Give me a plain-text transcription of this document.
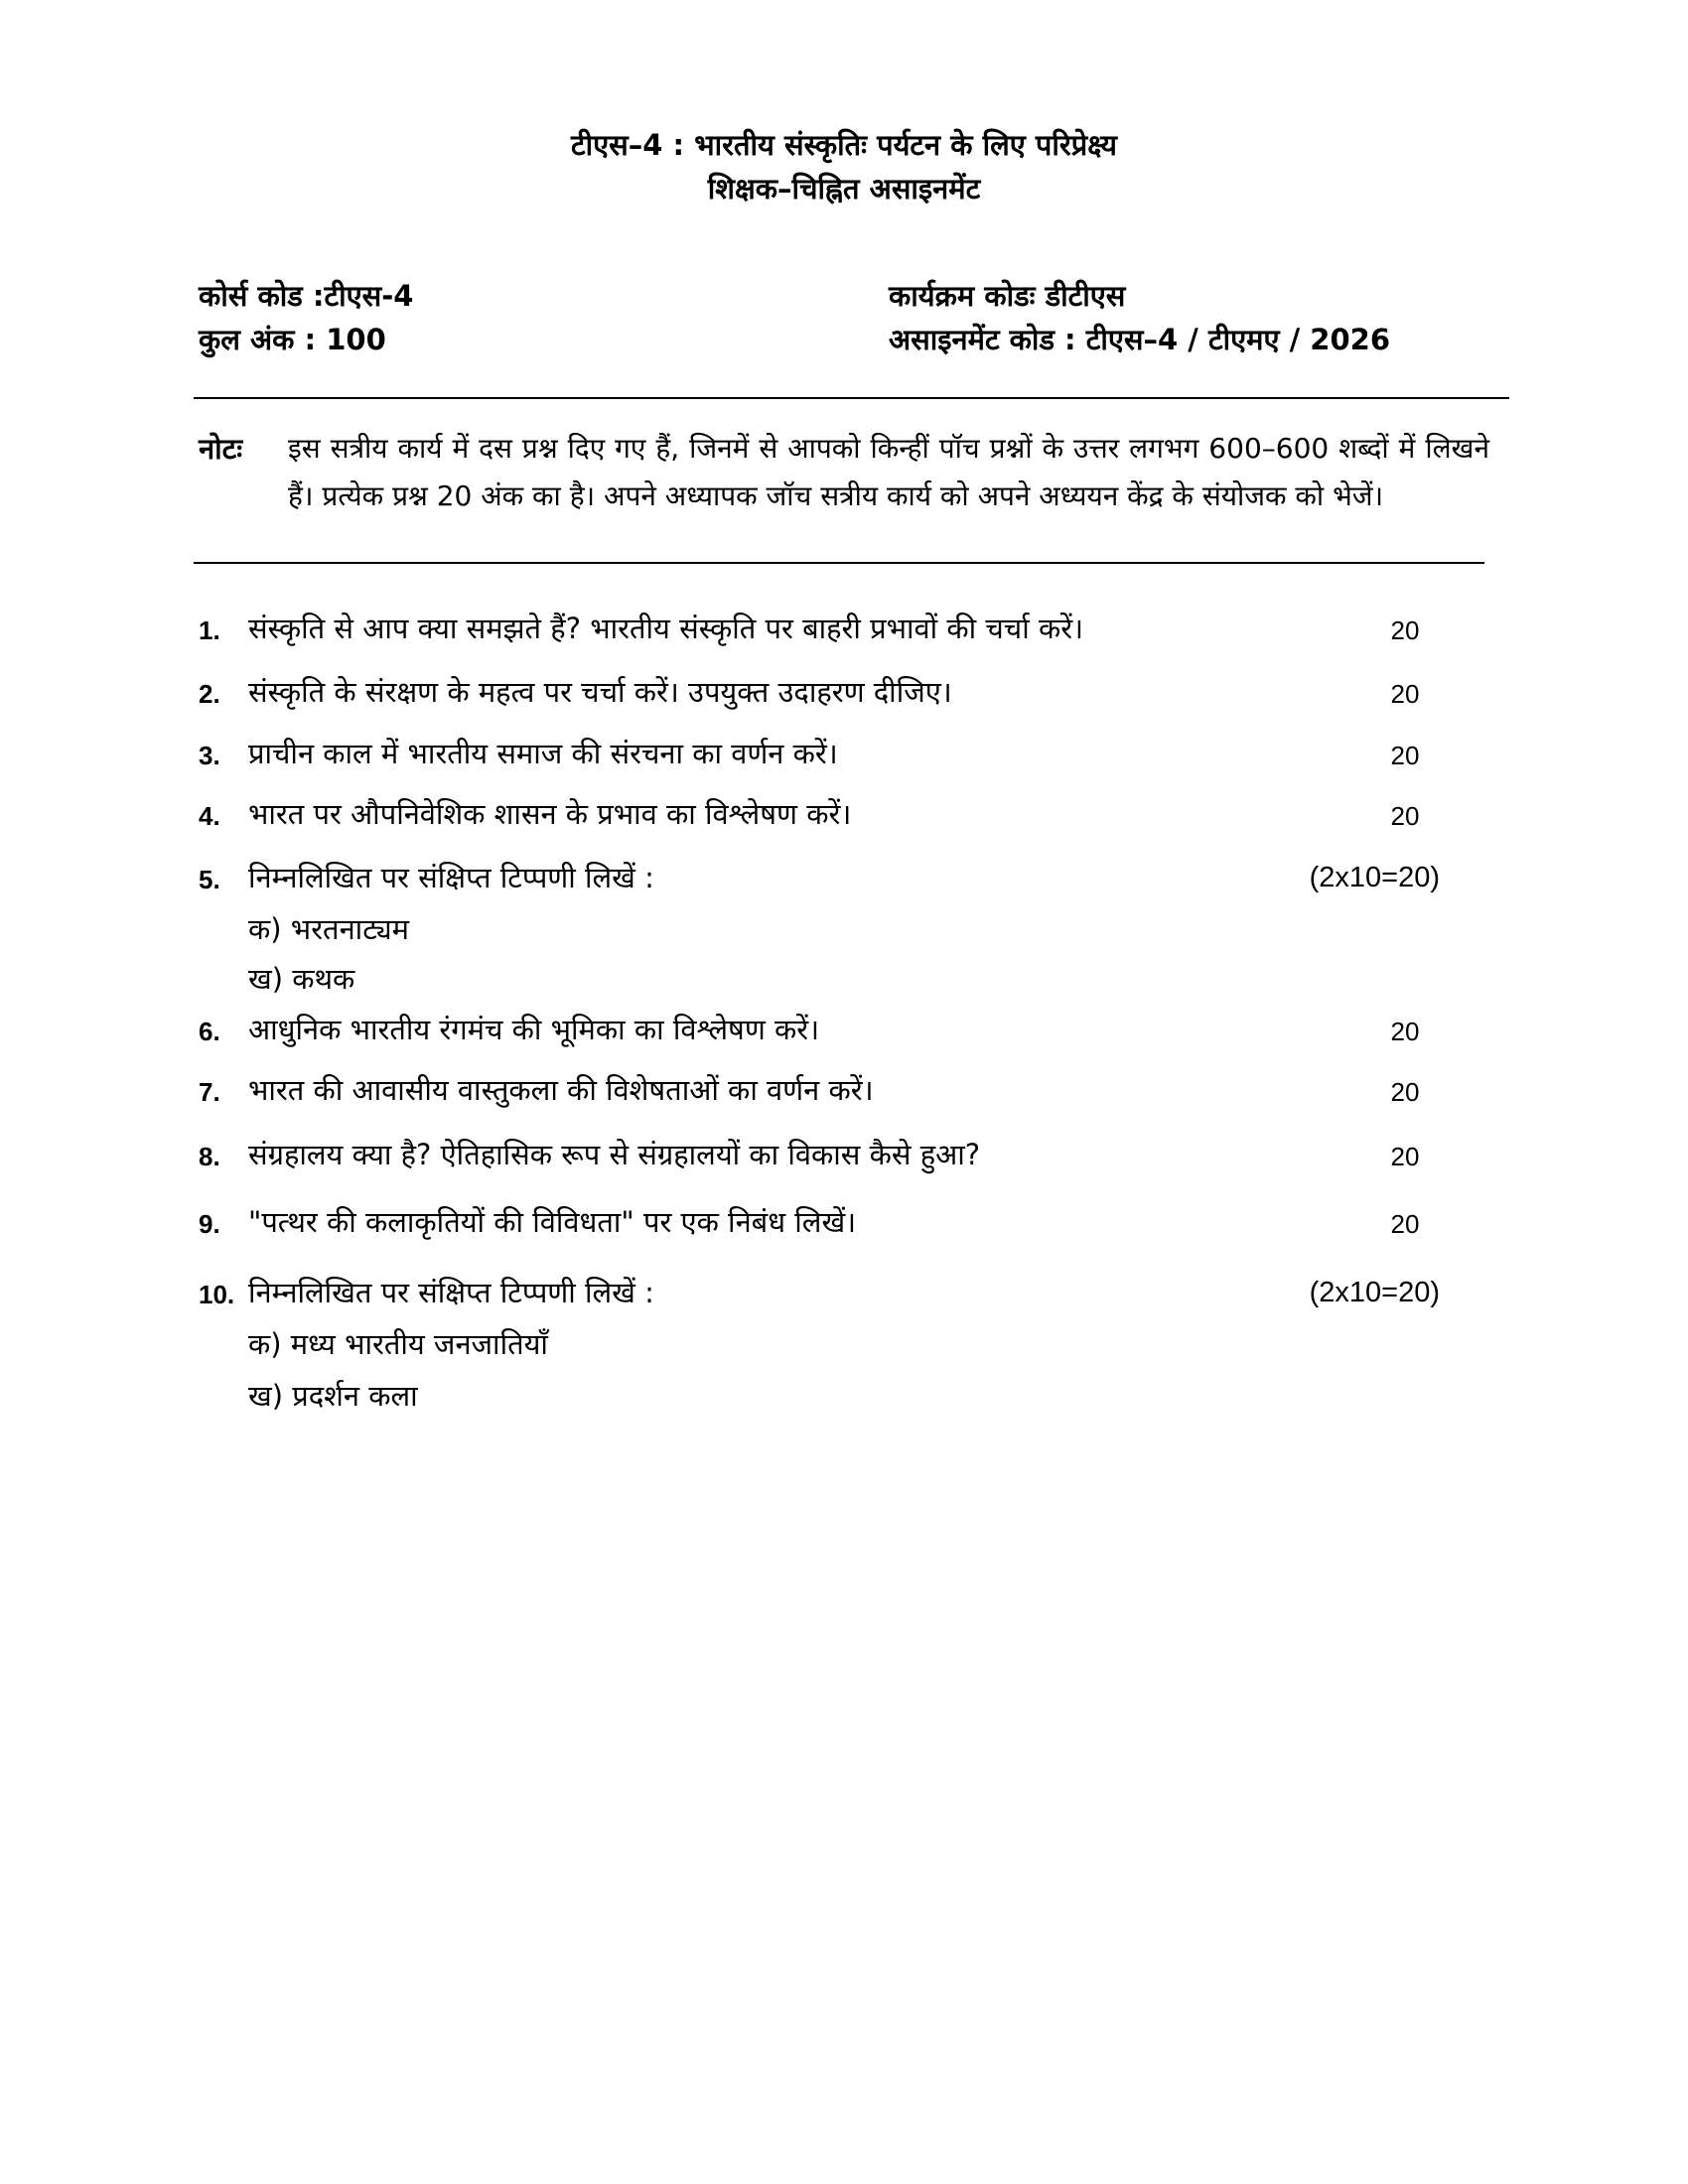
टीएस–4 : भारतीय संस्कृतिः पर्यटन के लिए परिप्रेक्ष्य
शिक्षक–चिह्नित असाइनमेंट
कोर्स कोड :टीएस-4
कुल अंक : 100
कार्यक्रम कोडः डीटीएस
असाइनमेंट कोड : टीएस–4 / टीएमए / 2026
नोटः इस सत्रीय कार्य में दस प्रश्न दिए गए हैं, जिनमें से आपको किन्हीं पॉच प्रश्नों के उत्तर लगभग 600–600 शब्दों में लिखने हैं। प्रत्येक प्रश्न 20 अंक का है। अपने अध्यापक जॉच सत्रीय कार्य को अपने अध्ययन केंद्र के संयोजक को भेजें।
1. संस्कृति से आप क्या समझते हैं? भारतीय संस्कृति पर बाहरी प्रभावों की चर्चा करें।	20
2. संस्कृति के संरक्षण के महत्व पर चर्चा करें। उपयुक्त उदाहरण दीजिए।	20
3. प्राचीन काल में भारतीय समाज की संरचना का वर्णन करें।	20
4. भारत पर औपनिवेशिक शासन के प्रभाव का विश्लेषण करें।	20
5. निम्नलिखित पर संक्षिप्त टिप्पणी लिखें :	(2x10=20)
क) भरतनाट्यम
ख) कथक
6. आधुनिक भारतीय रंगमंच की भूमिका का विश्लेषण करें।	20
7. भारत की आवासीय वास्तुकला की विशेषताओं का वर्णन करें।	20
8. संग्रहालय क्या है? ऐतिहासिक रूप से संग्रहालयों का विकास कैसे हुआ?	20
9. "पत्थर की कलाकृतियों की विविधता" पर एक निबंध लिखें।	20
10. निम्नलिखित पर संक्षिप्त टिप्पणी लिखें :	(2x10=20)
क) मध्य भारतीय जनजातियाँ
ख) प्रदर्शन कला
